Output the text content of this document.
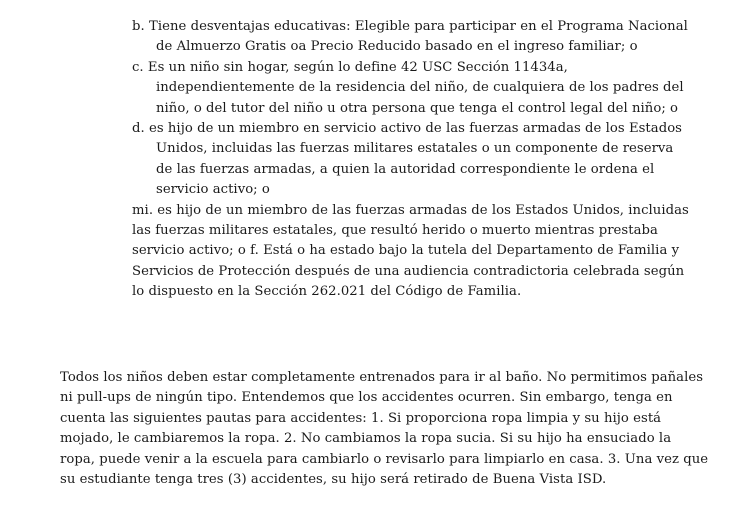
b. Tiene desventajas educativas: Elegible para participar en el Programa Nacional de Almuerzo Gratis oa Precio Reducido basado en el ingreso familiar; o
c. Es un niño sin hogar, según lo define 42 USC Sección 11434a, independientemente de la residencia del niño, de cualquiera de los padres del niño, o del tutor del niño u otra persona que tenga el control legal del niño; o
d. es hijo de un miembro en servicio activo de las fuerzas armadas de los Estados Unidos, incluidas las fuerzas militares estatales o un componente de reserva de las fuerzas armadas, a quien la autoridad correspondiente le ordena el servicio activo; o
mi. es hijo de un miembro de las fuerzas armadas de los Estados Unidos, incluidas las fuerzas militares estatales, que resultó herido o muerto mientras prestaba servicio activo; o f. Está o ha estado bajo la tutela del Departamento de Familia y Servicios de Protección después de una audiencia contradictoria celebrada según lo dispuesto en la Sección 262.021 del Código de Familia.
Todos los niños deben estar completamente entrenados para ir al baño. No permitimos pañales ni pull-ups de ningún tipo. Entendemos que los accidentes ocurren. Sin embargo, tenga en cuenta las siguientes pautas para accidentes: 1. Si proporciona ropa limpia y su hijo está mojado, le cambiaremos la ropa. 2. No cambiamos la ropa sucia. Si su hijo ha ensuciado la ropa, puede venir a la escuela para cambiarlo o revisarlo para limpiarlo en casa. 3. Una vez que su estudiante tenga tres (3) accidentes, su hijo será retirado de Buena Vista ISD.
